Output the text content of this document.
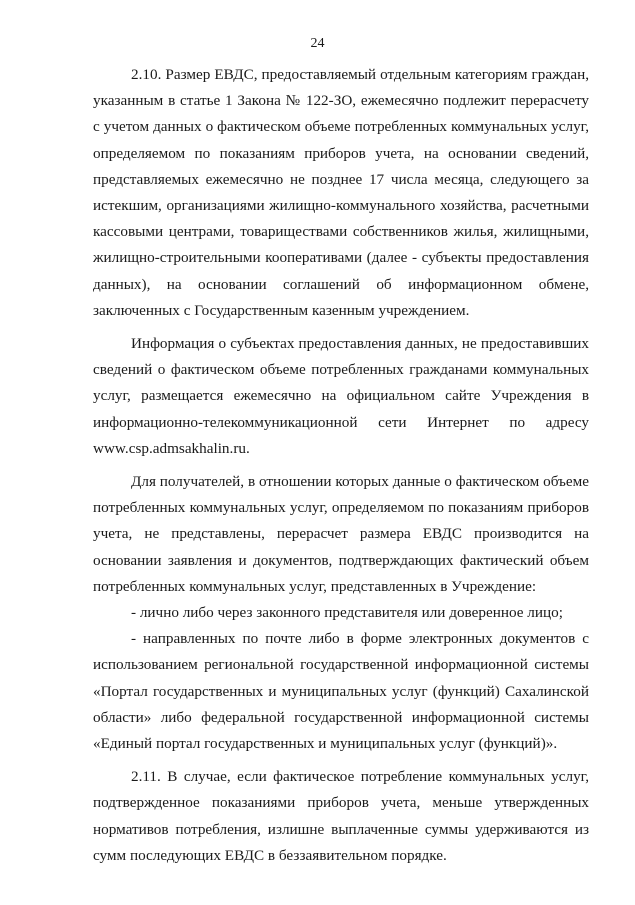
24

2.10. Размер ЕВДС, предоставляемый отдельным категориям граждан, указанным в статье 1 Закона № 122-ЗО, ежемесячно подлежит перерасчету с учетом данных о фактическом объеме потребленных коммунальных услуг, определяемом по показаниям приборов учета, на основании сведений, представляемых ежемесячно не позднее 17 числа месяца, следующего за истекшим, организациями жилищно-коммунального хозяйства, расчетными кассовыми центрами, товариществами собственников жилья, жилищными, жилищно-строительными кооперативами (далее - субъекты предоставления данных), на основании соглашений об информационном обмене, заключенных с Государственным казенным учреждением.

Информация о субъектах предоставления данных, не предоставивших сведений о фактическом объеме потребленных гражданами коммунальных услуг, размещается ежемесячно на официальном сайте Учреждения в информационно-телекоммуникационной сети Интернет по адресу www.csp.admsakhalin.ru.

Для получателей, в отношении которых данные о фактическом объеме потребленных коммунальных услуг, определяемом по показаниям приборов учета, не представлены, перерасчет размера ЕВДС производится на основании заявления и документов, подтверждающих фактический объем потребленных коммунальных услуг, представленных в Учреждение:

- лично либо через законного представителя или доверенное лицо;

- направленных по почте либо в форме электронных документов с использованием региональной государственной информационной системы «Портал государственных и муниципальных услуг (функций) Сахалинской области» либо федеральной государственной информационной системы «Единый портал государственных и муниципальных услуг (функций)».

2.11. В случае, если фактическое потребление коммунальных услуг, подтвержденное показаниями приборов учета, меньше утвержденных нормативов потребления, излишне выплаченные суммы удерживаются из сумм последующих ЕВДС в беззаявительном порядке.
